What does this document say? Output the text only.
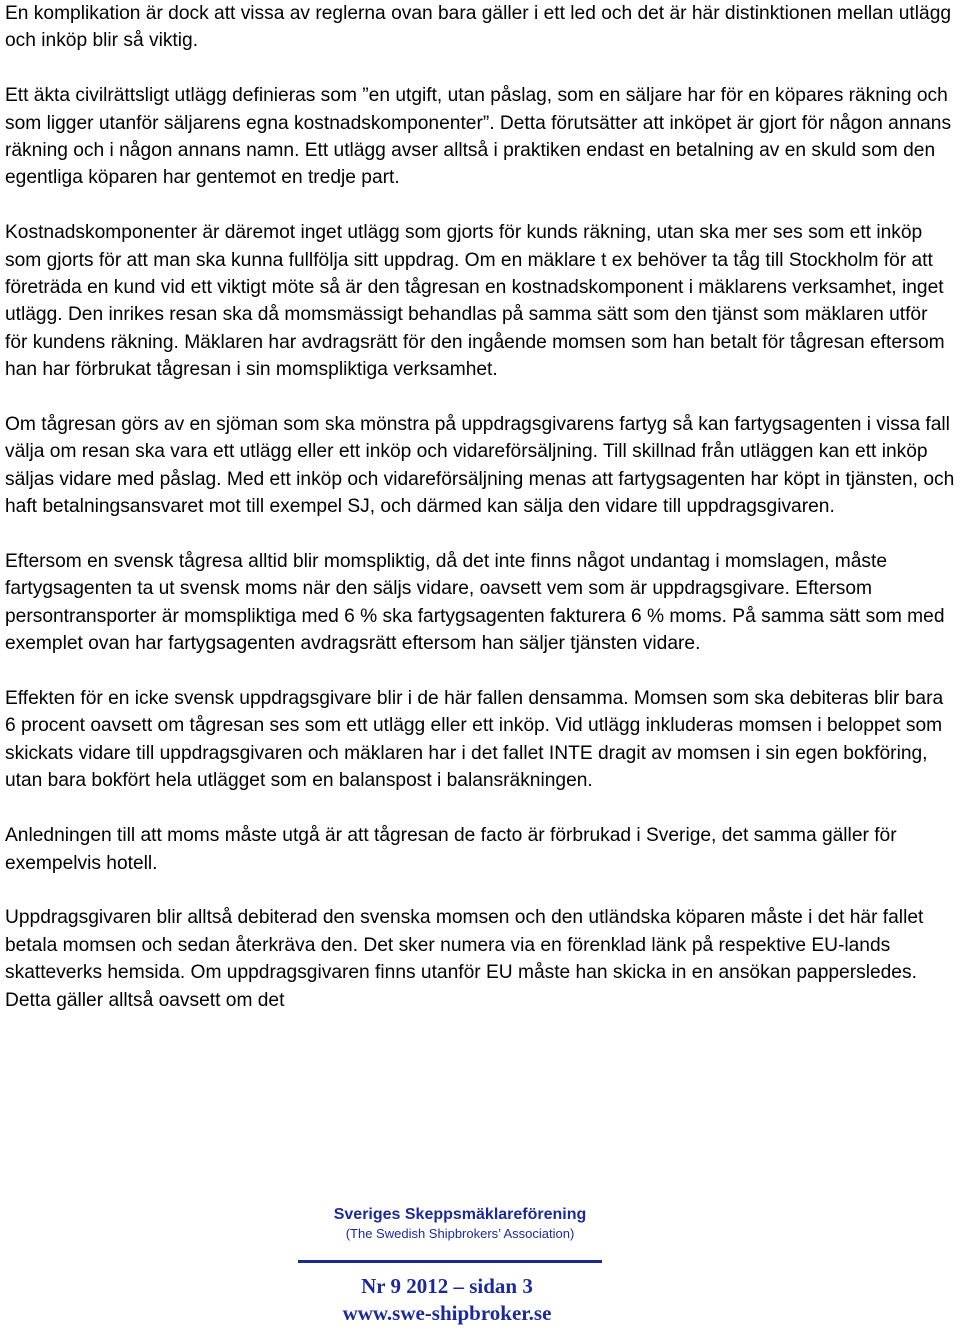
En komplikation är dock att vissa av reglerna ovan bara gäller i ett led och det är här distinktionen mellan utlägg och inköp blir så viktig.

Ett äkta civilrättsligt utlägg definieras som ”en utgift, utan påslag, som en säljare har för en köpares räkning och som ligger utanför säljarens egna kostnadskomponenter”. Detta förutsätter att inköpet är gjort för någon annans räkning och i någon annans namn. Ett utlägg avser alltså i praktiken endast en betalning av en skuld som den egentliga köparen har gentemot en tredje part.

Kostnadskomponenter är däremot inget utlägg som gjorts för kunds räkning, utan ska mer ses som ett inköp som gjorts för att man ska kunna fullfölja sitt uppdrag. Om en mäklare t ex behöver ta tåg till Stockholm för att företräda en kund vid ett viktigt möte så är den tågresan en kostnadskomponent i mäklarens verksamhet, inget utlägg. Den inrikes resan ska då momsmässigt behandlas på samma sätt som den tjänst som mäklaren utför för kundens räkning. Mäklaren har avdragsrätt för den ingående momsen som han betalt för tågresan eftersom han har förbrukat tågresan i sin momspliktiga verksamhet.

Om tågresan görs av en sjöman som ska mönstra på uppdragsgivarens fartyg så kan fartygsagenten i vissa fall välja om resan ska vara ett utlägg eller ett inköp och vidareförsäljning. Till skillnad från utläggen kan ett inköp säljas vidare med påslag. Med ett inköp och vidareförsäljning menas att fartygsagenten har köpt in tjänsten, och haft betalningsansvaret mot till exempel SJ, och därmed kan sälja den vidare till uppdragsgivaren.

Eftersom en svensk tågresa alltid blir momspliktig, då det inte finns något undantag i momslagen, måste fartygsagenten ta ut svensk moms när den säljs vidare, oavsett vem som är uppdragsgivare. Eftersom persontransporter är momspliktiga med 6 % ska fartygsagenten fakturera 6 % moms. På samma sätt som med exemplet ovan har fartygsagenten avdragsrätt eftersom han säljer tjänsten vidare.

Effekten för en icke svensk uppdragsgivare blir i de här fallen densamma. Momsen som ska debiteras blir bara 6 procent oavsett om tågresan ses som ett utlägg eller ett inköp. Vid utlägg inkluderas momsen i beloppet som skickats vidare till uppdragsgivaren och mäklaren har i det fallet INTE dragit av momsen i sin egen bokföring, utan bara bokfört hela utlägget som en balanspost i balansräkningen.

Anledningen till att moms måste utgå är att tågresan de facto är förbrukad i Sverige, det samma gäller för exempelvis hotell.

Uppdragsgivaren blir alltså debiterad den svenska momsen och den utländska köparen måste i det här fallet betala momsen och sedan återkräva den. Det sker numera via en förenklad länk på respektive EU-lands skatteverks hemsida. Om uppdragsgivaren finns utanför EU måste han skicka in en ansökan pappersledes. Detta gäller alltså oavsett om det

Sveriges Skeppsmäklareförening
(The Swedish Shipbrokers’ Association)
Nr 9 2012 – sidan 3
www.swe-shipbroker.se
